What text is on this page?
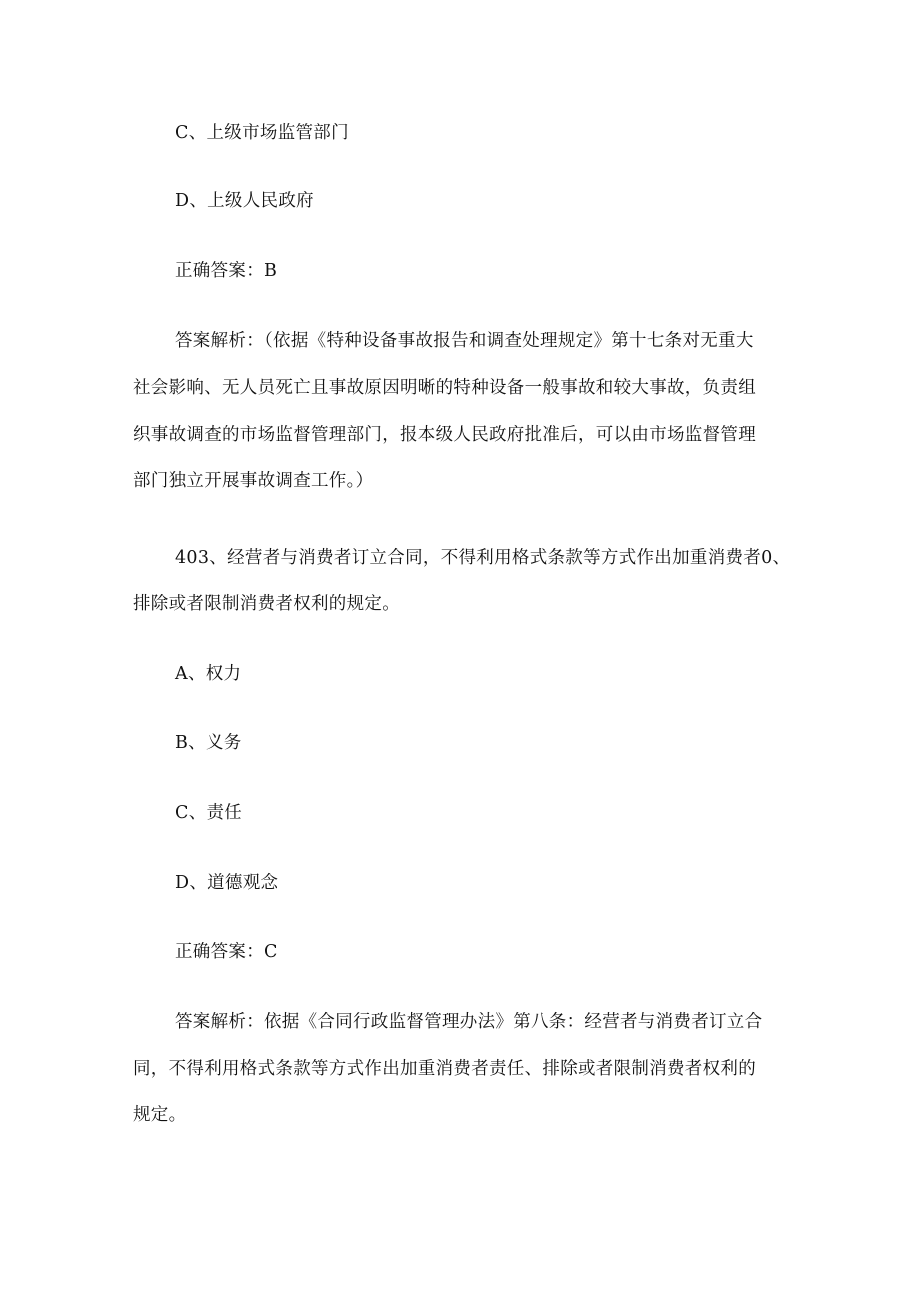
C、上级市场监管部门
D、上级人民政府
正确答案：B
答案解析：（依据《特种设备事故报告和调查处理规定》第十七条对无重大
社会影响、无人员死亡且事故原因明晰的特种设备一般事故和较大事故，负责组
织事故调查的市场监督管理部门，报本级人民政府批准后，可以由市场监督管理
部门独立开展事故调查工作。）
403、经营者与消费者订立合同，不得利用格式条款等方式作出加重消费者0、
排除或者限制消费者权利的规定。
A、权力
B、义务
C、责任
D、道德观念
正确答案：C
答案解析：依据《合同行政监督管理办法》第八条：经营者与消费者订立合
同，不得利用格式条款等方式作出加重消费者责任、排除或者限制消费者权利的
规定。
